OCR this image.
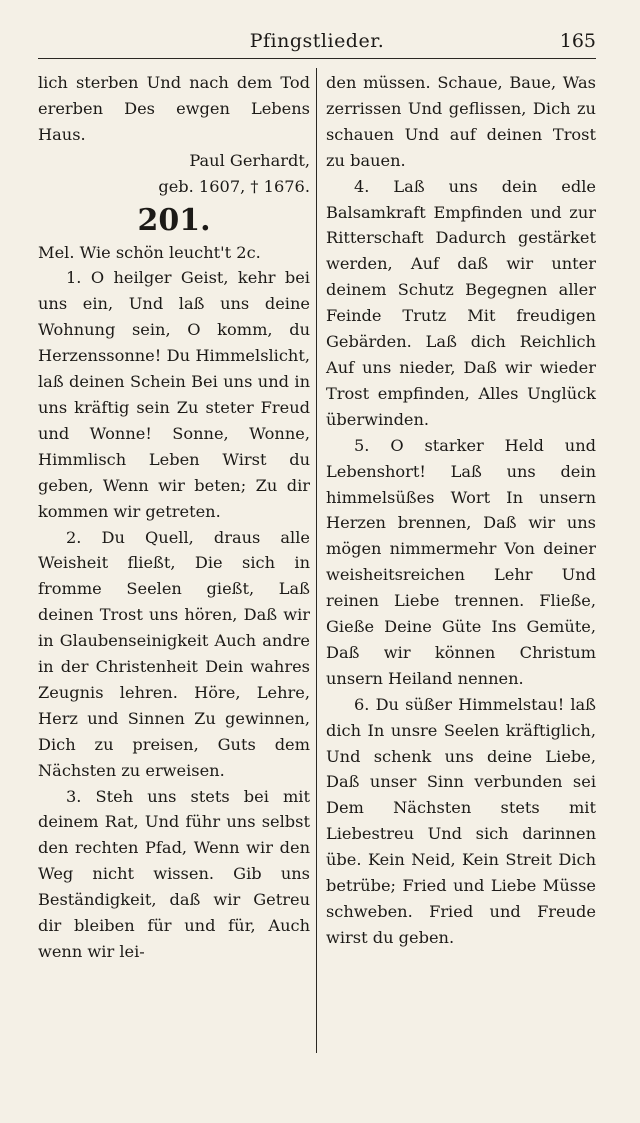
Pfingstlieder.	165

lich sterben Und nach dem Tod ererben Des ewgen Lebens Haus.

Paul Gerhardt,
geb. 1607, † 1676.
201.

Mel. Wie schön leucht't 2c.

1. O heilger Geist, kehr bei uns ein, Und laß uns deine Wohnung sein, O komm, du Herzenssonne! Du Himmelslicht, laß deinen Schein Bei uns und in uns kräftig sein Zu steter Freud und Wonne! Sonne, Wonne, Himmlisch Leben Wirst du geben, Wenn wir beten; Zu dir kommen wir getreten.

2. Du Quell, draus alle Weisheit fließt, Die sich in fromme Seelen gießt, Laß deinen Trost uns hören, Daß wir in Glaubenseinigkeit Auch andre in der Christenheit Dein wahres Zeugnis lehren. Höre, Lehre, Herz und Sinnen Zu gewinnen, Dich zu preisen, Guts dem Nächsten zu erweisen.

3. Steh uns stets bei mit deinem Rat, Und führ uns selbst den rechten Pfad, Wenn wir den Weg nicht wissen. Gib uns Beständigkeit, daß wir Getreu dir bleiben für und für, Auch wenn wir lei-

den müssen. Schaue, Baue, Was zerrissen Und geflissen, Dich zu schauen Und auf deinen Trost zu bauen.

4. Laß uns dein edle Balsamkraft Empfinden und zur Ritterschaft Dadurch gestärket werden, Auf daß wir unter deinem Schutz Begegnen aller Feinde Trutz Mit freudigen Gebärden. Laß dich Reichlich Auf uns nieder, Daß wir wieder Trost empfinden, Alles Unglück überwinden.

5. O starker Held und Lebenshort! Laß uns dein himmelsüßes Wort In unsern Herzen brennen, Daß wir uns mögen nimmermehr Von deiner weisheitsreichen Lehr Und reinen Liebe trennen. Fließe, Gieße Deine Güte Ins Gemüte, Daß wir können Christum unsern Heiland nennen.

6. Du süßer Himmelstau! laß dich In unsre Seelen kräftiglich, Und schenk uns deine Liebe, Daß unser Sinn verbunden sei Dem Nächsten stets mit Liebestreu Und sich darinnen übe. Kein Neid, Kein Streit Dich betrübe; Fried und Liebe Müsse schweben. Fried und Freude wirst du geben.
